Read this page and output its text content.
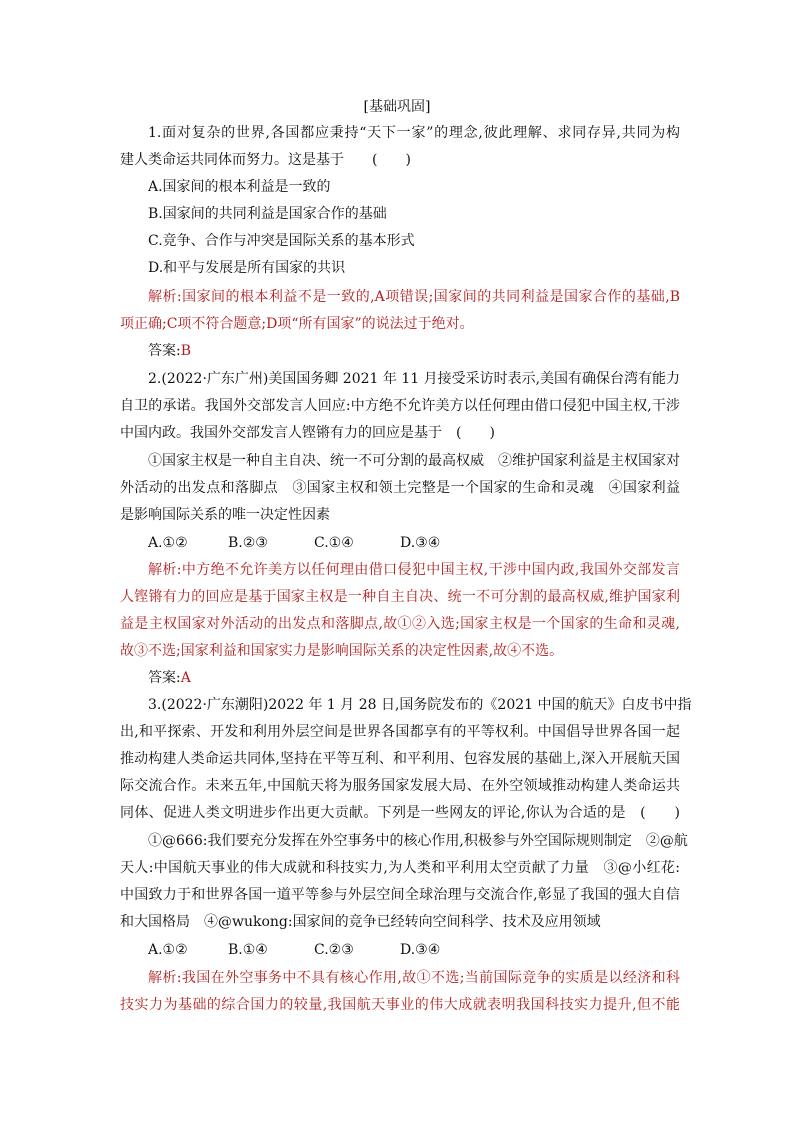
[基础巩固]
1.面对复杂的世界,各国都应秉持“天下一家”的理念,彼此理解、求同存异,共同为构
建人类命运共同体而努力。这是基于　　(　　)
A.国家间的根本利益是一致的
B.国家间的共同利益是国家合作的基础
C.竞争、合作与冲突是国际关系的基本形式
D.和平与发展是所有国家的共识
解析:国家间的根本利益不是一致的,A项错误;国家间的共同利益是国家合作的基础,B
项正确;C项不符合题意;D项“所有国家”的说法过于绝对。
答案:B
2.(2022·广东广州)美国国务卿 2021 年 11 月接受采访时表示,美国有确保台湾有能力
自卫的承诺。我国外交部发言人回应:中方绝不允许美方以任何理由借口侵犯中国主权,干涉
中国内政。我国外交部发言人铿锵有力的回应是基于　(　　)
①国家主权是一种自主自决、统一不可分割的最高权威　②维护国家利益是主权国家对
外活动的出发点和落脚点　③国家主权和领土完整是一个国家的生命和灵魂　④国家利益
是影响国际关系的唯一决定性因素
A.①②	B.②③	C.①④	D.③④
解析:中方绝不允许美方以任何理由借口侵犯中国主权,干涉中国内政,我国外交部发言
人铿锵有力的回应是基于国家主权是一种自主自决、统一不可分割的最高权威,维护国家利
益是主权国家对外活动的出发点和落脚点,故①②入选;国家主权是一个国家的生命和灵魂,
故③不选;国家利益和国家实力是影响国际关系的决定性因素,故④不选。
答案:A
3.(2022·广东潮阳)2022 年 1 月 28 日,国务院发布的《2021 中国的航天》白皮书中指
出,和平探索、开发和利用外层空间是世界各国都享有的平等权利。中国倡导世界各国一起
推动构建人类命运共同体,坚持在平等互利、和平利用、包容发展的基础上,深入开展航天国
际交流合作。未来五年,中国航天将为服务国家发展大局、在外空领域推动构建人类命运共
同体、促进人类文明进步作出更大贡献。下列是一些网友的评论,你认为合适的是　(　　)
①@666:我们要充分发挥在外空事务中的核心作用,积极参与外空国际规则制定　②@航
天人:中国航天事业的伟大成就和科技实力,为人类和平利用太空贡献了力量　③@小红花:
中国致力于和世界各国一道平等参与外层空间全球治理与交流合作,彰显了我国的强大自信
和大国格局　④@wukong:国家间的竞争已经转向空间科学、技术及应用领域
A.①②	B.①④	C.②③	D.③④
解析:我国在外空事务中不具有核心作用,故①不选;当前国际竞争的实质是以经济和科
技实力为基础的综合国力的较量,我国航天事业的伟大成就表明我国科技实力提升,但不能
